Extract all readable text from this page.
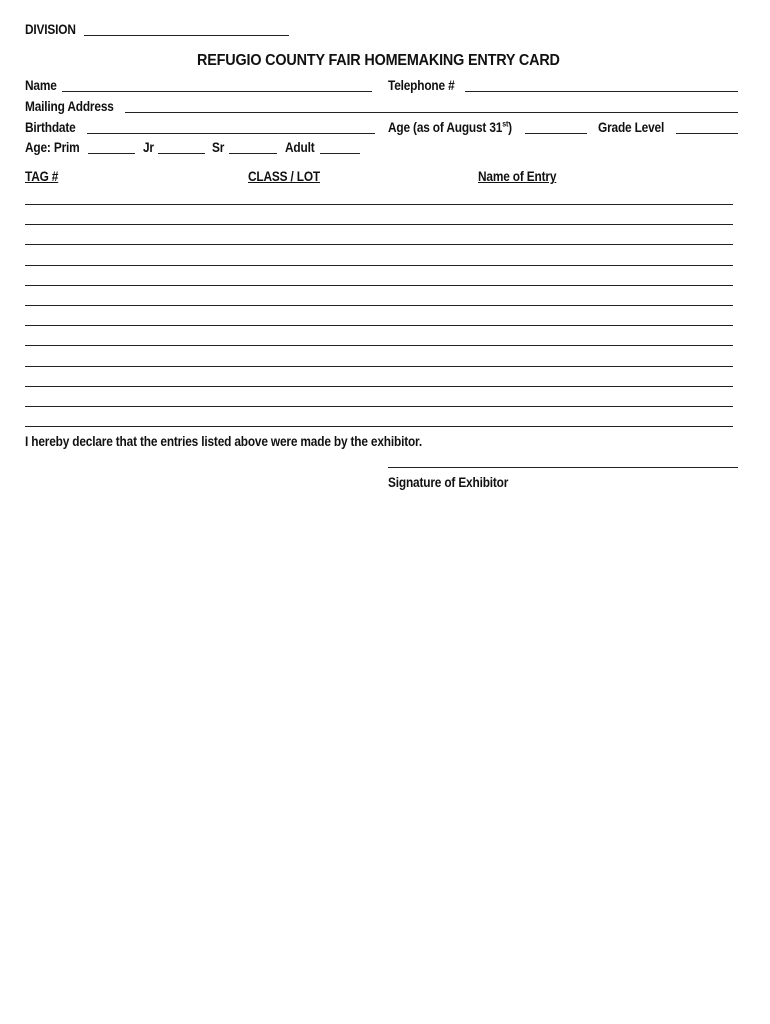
DIVISION
REFUGIO COUNTY FAIR HOMEMAKING ENTRY CARD
Name	Telephone #
Mailing Address
Birthdate	Age (as of August 31st)	Grade Level
Age: Prim	Jr	Sr	Adult
TAG #	CLASS / LOT	Name of Entry
I hereby declare that the entries listed above were made by the exhibitor.
Signature of Exhibitor
